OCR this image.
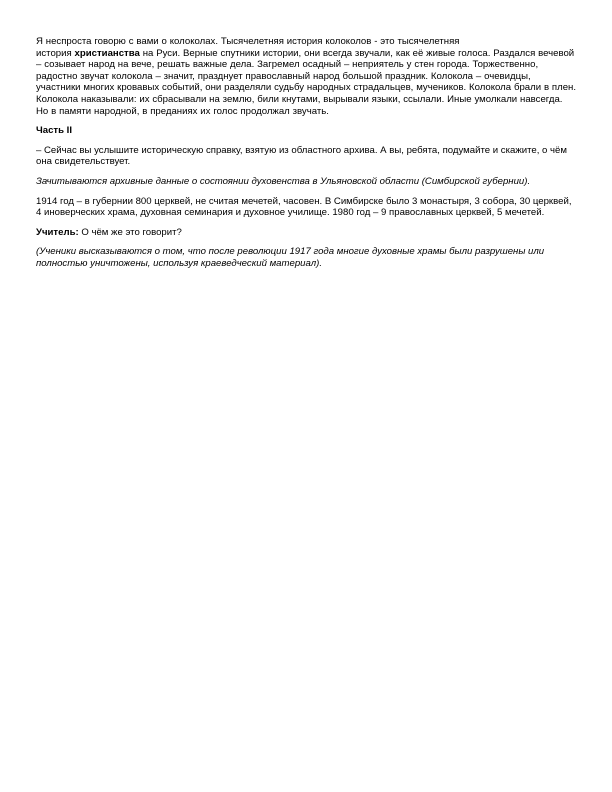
Я неспроста говорю с вами о колоколах. Тысячелетняя история колоколов - это тысячелетняя
история христианства на Руси. Верные спутники истории, они всегда звучали, как её живые голоса. Раздался вечевой – созывает народ на вече, решать важные дела. Загремел осадный – неприятель у стен города. Торжественно, радостно звучат колокола – значит, празднует православный народ большой праздник. Колокола – очевидцы, участники многих кровавых событий, они разделяли судьбу народных страдальцев, мучеников. Колокола брали в плен. Колокола наказывали: их сбрасывали на землю, били кнутами, вырывали языки, ссылали. Иные умолкали навсегда. Но в памяти народной, в преданиях их голос продолжал звучать.

Часть II

– Сейчас вы услышите историческую справку, взятую из областного архива. А вы, ребята, подумайте и скажите, о чём она свидетельствует.

Зачитываются архивные данные о состоянии духовенства в Ульяновской области (Симбирской губернии).

1914 год – в губернии 800 церквей, не считая мечетей, часовен. В Симбирске было 3 монастыря, 3 собора, 30 церквей, 4 иноверческих храма, духовная семинария и духовное училище. 1980 год – 9 православных церквей, 5 мечетей.

Учитель: О чём же это говорит?

(Ученики высказываются о том, что после революции 1917 года многие духовные храмы были разрушены или полностью уничтожены, используя краеведческий материал).
